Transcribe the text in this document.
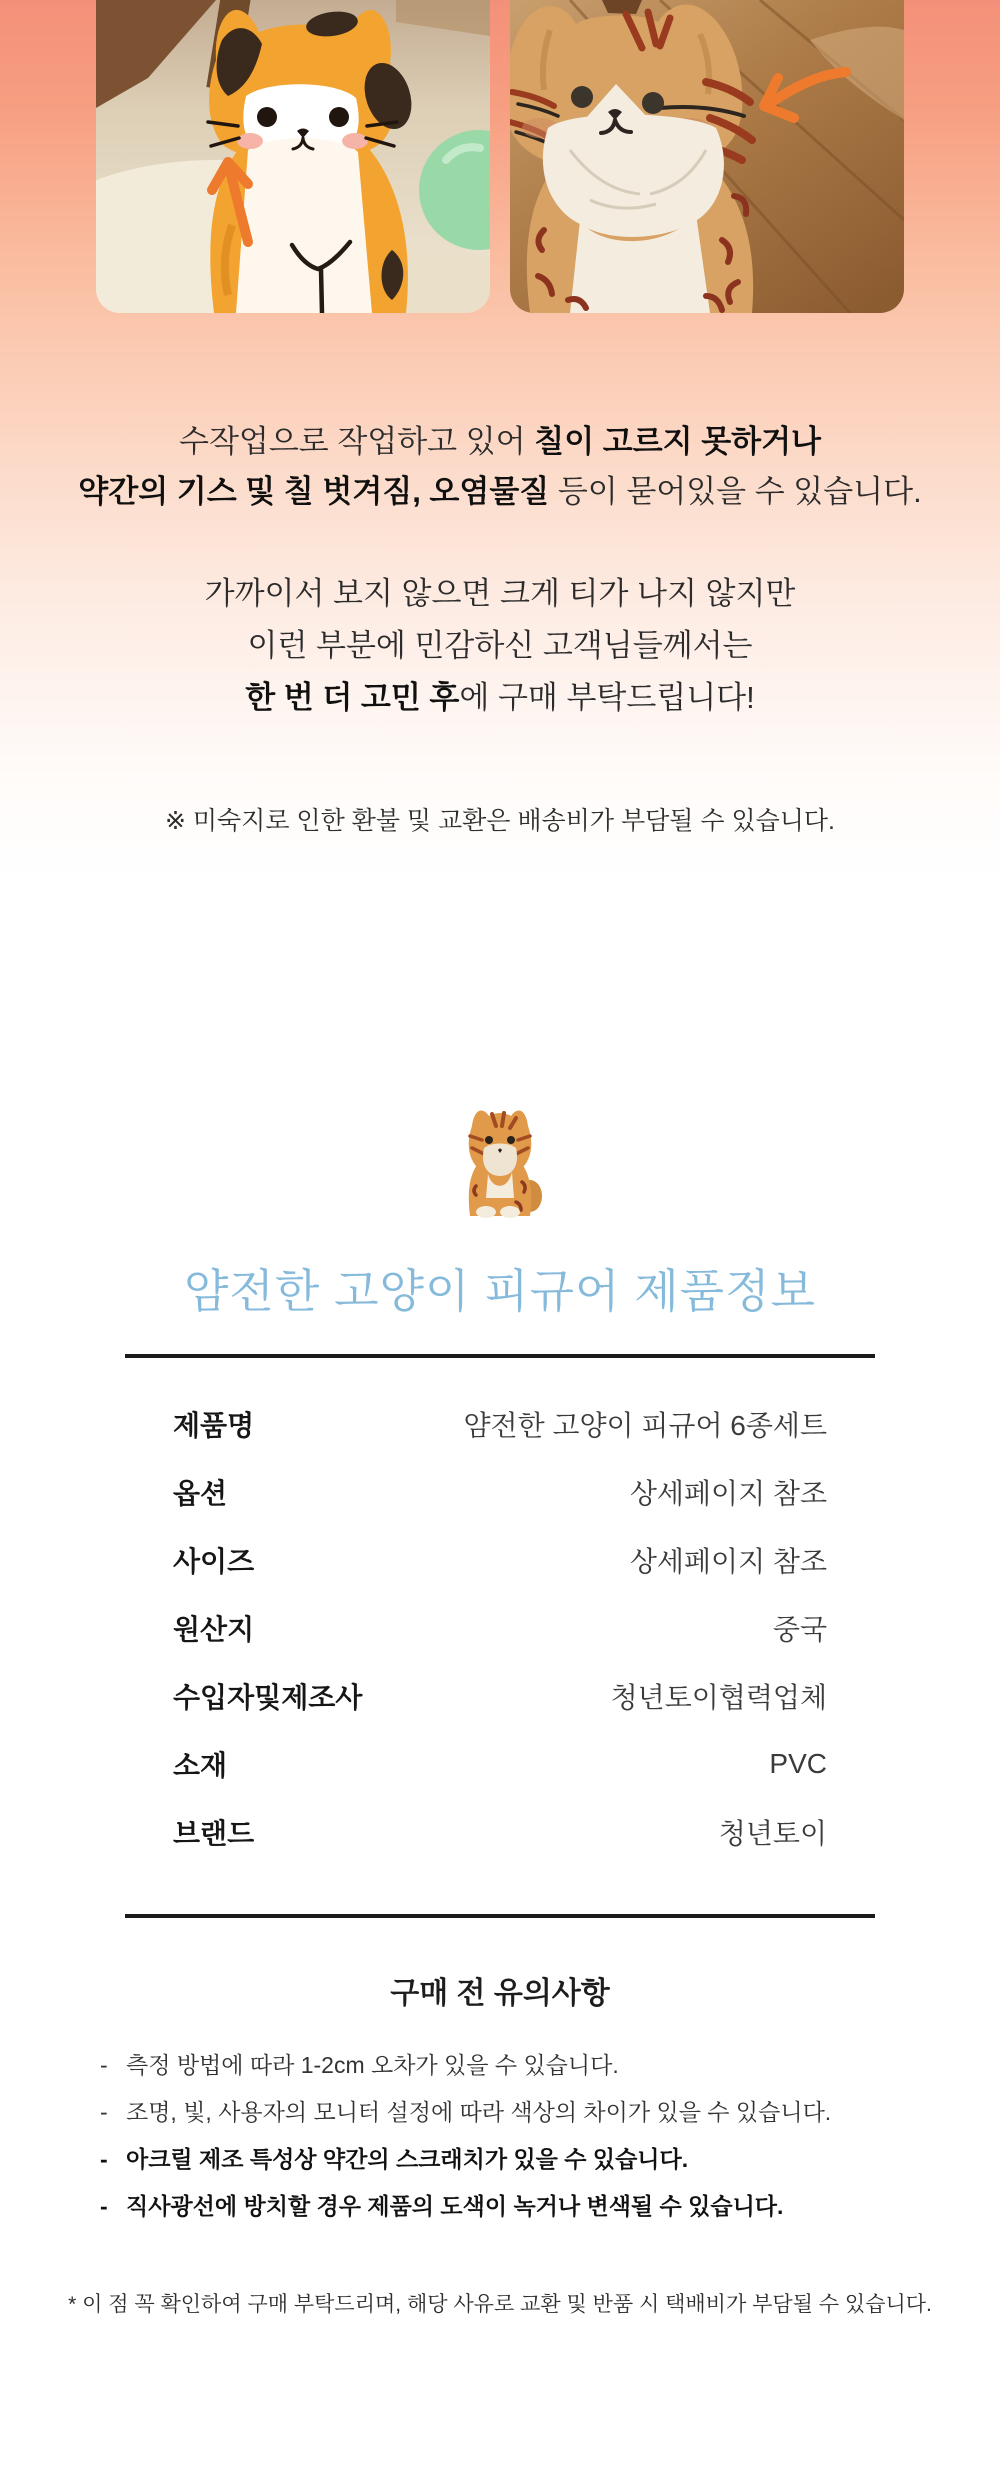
수작업으로 작업하고 있어 칠이 고르지 못하거나
약간의 기스 및 칠 벗겨짐, 오염물질 등이 묻어있을 수 있습니다.
가까이서 보지 않으면 크게 티가 나지 않지만
이런 부분에 민감하신 고객님들께서는
한 번 더 고민 후에 구매 부탁드립니다!
※ 미숙지로 인한 환불 및 교환은 배송비가 부담될 수 있습니다.
얌전한 고양이 피규어 제품정보
제품명	얌전한 고양이 피규어 6종세트
옵션	상세페이지 참조
사이즈	상세페이지 참조
원산지	중국
수입자및제조사	청년토이협력업체
소재	PVC
브랜드	청년토이
구매 전 유의사항
- 측정 방법에 따라 1-2cm 오차가 있을 수 있습니다.
- 조명, 빛, 사용자의 모니터 설정에 따라 색상의 차이가 있을 수 있습니다.
- 아크릴 제조 특성상 약간의 스크래치가 있을 수 있습니다.
- 직사광선에 방치할 경우 제품의 도색이 녹거나 변색될 수 있습니다.
* 이 점 꼭 확인하여 구매 부탁드리며, 해당 사유로 교환 및 반품 시 택배비가 부담될 수 있습니다.
